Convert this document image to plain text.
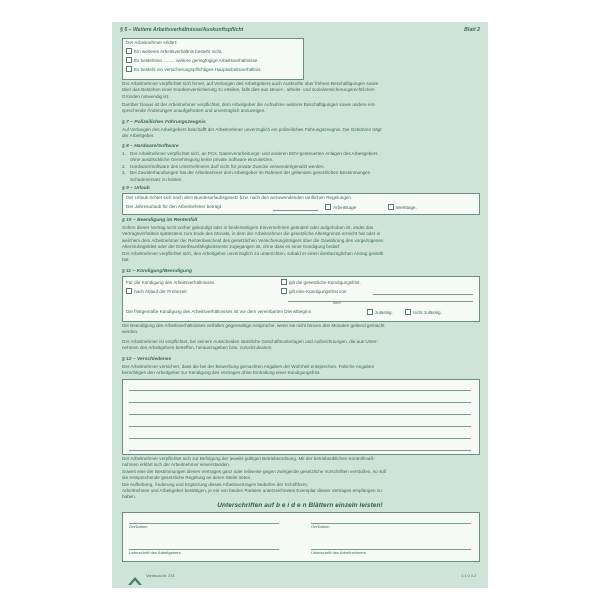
§ 5 – Weitere Arbeitsverhältnisse/Auskunftspflicht	Blatt 2
Der Arbeitnehmer erklärt:
Ein weiteres Arbeitsverhältnis besteht nicht.
Es besteht/en ......... weitere geringfügige Arbeitsverhältnisse.
Es besteht ein versicherungspflichtiges Hauptarbeitsverhältnis.
Der Arbeitnehmer verpflichtet sich ferner, auf Verlangen des Arbeitgebers auch Auskünfte über frühere Beschäftigungen sowie
über das Bestehen einer Krankenversicherung zu erteilen, falls dies aus steuer-, arbeits- und sozialversicherungsrechtlichen
Gründen notwendig ist.
Darüber hinaus ist der Arbeitnehmer verpflichtet, dem Arbeitgeber die Aufnahme weiterer Beschäftigungen sowie andere ent-
sprechende Änderungen unaufgefordert und unverzüglich anzuzeigen.
§ 7 – Polizeiliches Führungszeugnis
Auf Verlangen des Arbeitgebers beschafft der Arbeitnehmer unverzüglich ein polizeiliches Führungszeugnis. Die Gebühren trägt
der Arbeitgeber.
§ 8 – Hardware/Software
1. Der Arbeitnehmer verpflichtet sich, an PCs, Datenverarbeitungs- und anderen EDV-gesteuerten Anlagen des Arbeitgebers
ohne ausdrückliche Genehmigung keine private Software einzusetzen.
2. Hardware/Software des Unternehmens darf nicht für private Zwecke verwendet/genutzt werden.
3. Bei Zuwiderhandlungen hat der Arbeitnehmer dem Arbeitgeber im Rahmen der geltenden gesetzlichen Bestimmungen
Schadenersatz zu leisten.
§ 9 – Urlaub
Der Urlaub richtet sich nach dem Bundesurlaubsgesetz bzw. nach den anzuwendenden tariflichen Regelungen.
Der Jahresurlaub für den Arbeitnehmer beträgt	Arbeitstage	Werktage.
§ 10 – Beendigung im Rentenfall
Sofern dieser Vertrag nicht vorher gekündigt oder in beiderseitigem Einvernehmen geändert oder aufgehoben ist, endet das
Vertragsverhältnis spätestens zum Ende des Monats, in dem der Arbeitnehmer die gesetzliche Altersgrenze erreicht hat oder in
welchem dem Arbeitnehmer der Rentenbescheid des gesetzlichen Versicherungsträgers über die Gewährung des vorgezogenen
Altersruhegeldes oder der Erwerbsunfähigkeitsrente zugegangen ist, ohne dass es einer Kündigung bedarf.
Der Arbeitnehmer verpflichtet sich, den Arbeitgeber unverzüglich zu unterrichten, sobald er einen diesbezüglichen Antrag gestellt
hat.
§ 11 – Kündigung/Beendigung
Für die Kündigung des Arbeitsverhältnisses
nach Ablauf der Probezeit
gilt die gesetzliche Kündigungsfrist.
gilt eine Kündigungsfrist von
zum
Die fristgemäße Kündigung des Arbeitsverhältnisses ist vor dem vereinbarten Dienstbeginn	zulässig.	nicht zulässig.
Die Beendigung des Arbeitsverhältnisses verfallen gegenseitige Ansprüche, wenn sie nicht binnen drei Monaten geltend gemacht
werden.
Der Arbeitnehmer ist verpflichtet, bei seinem Ausscheiden sämtliche Geschäftsunterlagen und Aufzeichnungen, die aus Unter-
nehmen des Arbeitgebers betreffen, herauszugeben bzw. zurückzulassen.
§ 12 – Verschiedenes
Der Arbeitnehmer versichert, dass die bei der Bewerbung gemachten Angaben der Wahrheit entsprechen. Falsche Angaben
berechtigen den Arbeitgeber zur Kündigung des Vertrages ohne Einhaltung einer Kündigungsfrist.
Der Arbeitnehmer verpflichtet sich zur Befolgung der jeweils gültigen Betriebsordnung. Mit der betriebsüblichen Kontrollmaß-
nahmen erklärt sich der Arbeitnehmer einverstanden.
Soweit eine der Bestimmungen dieses Vertrages ganz oder teilweise gegen zwingende gesetzliche Vorschriften verstoßen, so soll
die entsprechende gesetzliche Regelung an deren Stelle treten.
Die Aufhebung, Änderung und Ergänzung dieses Arbeitsvertrages bedürfen der Schriftform.
Arbeitnehmer und Arbeitgeber bestätigen, je ein von beiden Parteien unterzeichnetes Exemplar dieses Vertrages empfangen zu
haben.
Unterschriften auf b e i d e n Blättern einzeln leisten!
Ort/Datum	Ort/Datum
Unterschrift des Arbeitgebers	Unterschrift des Arbeitnehmers
Vordruck-Nr. 378	1 1 0 4 2
